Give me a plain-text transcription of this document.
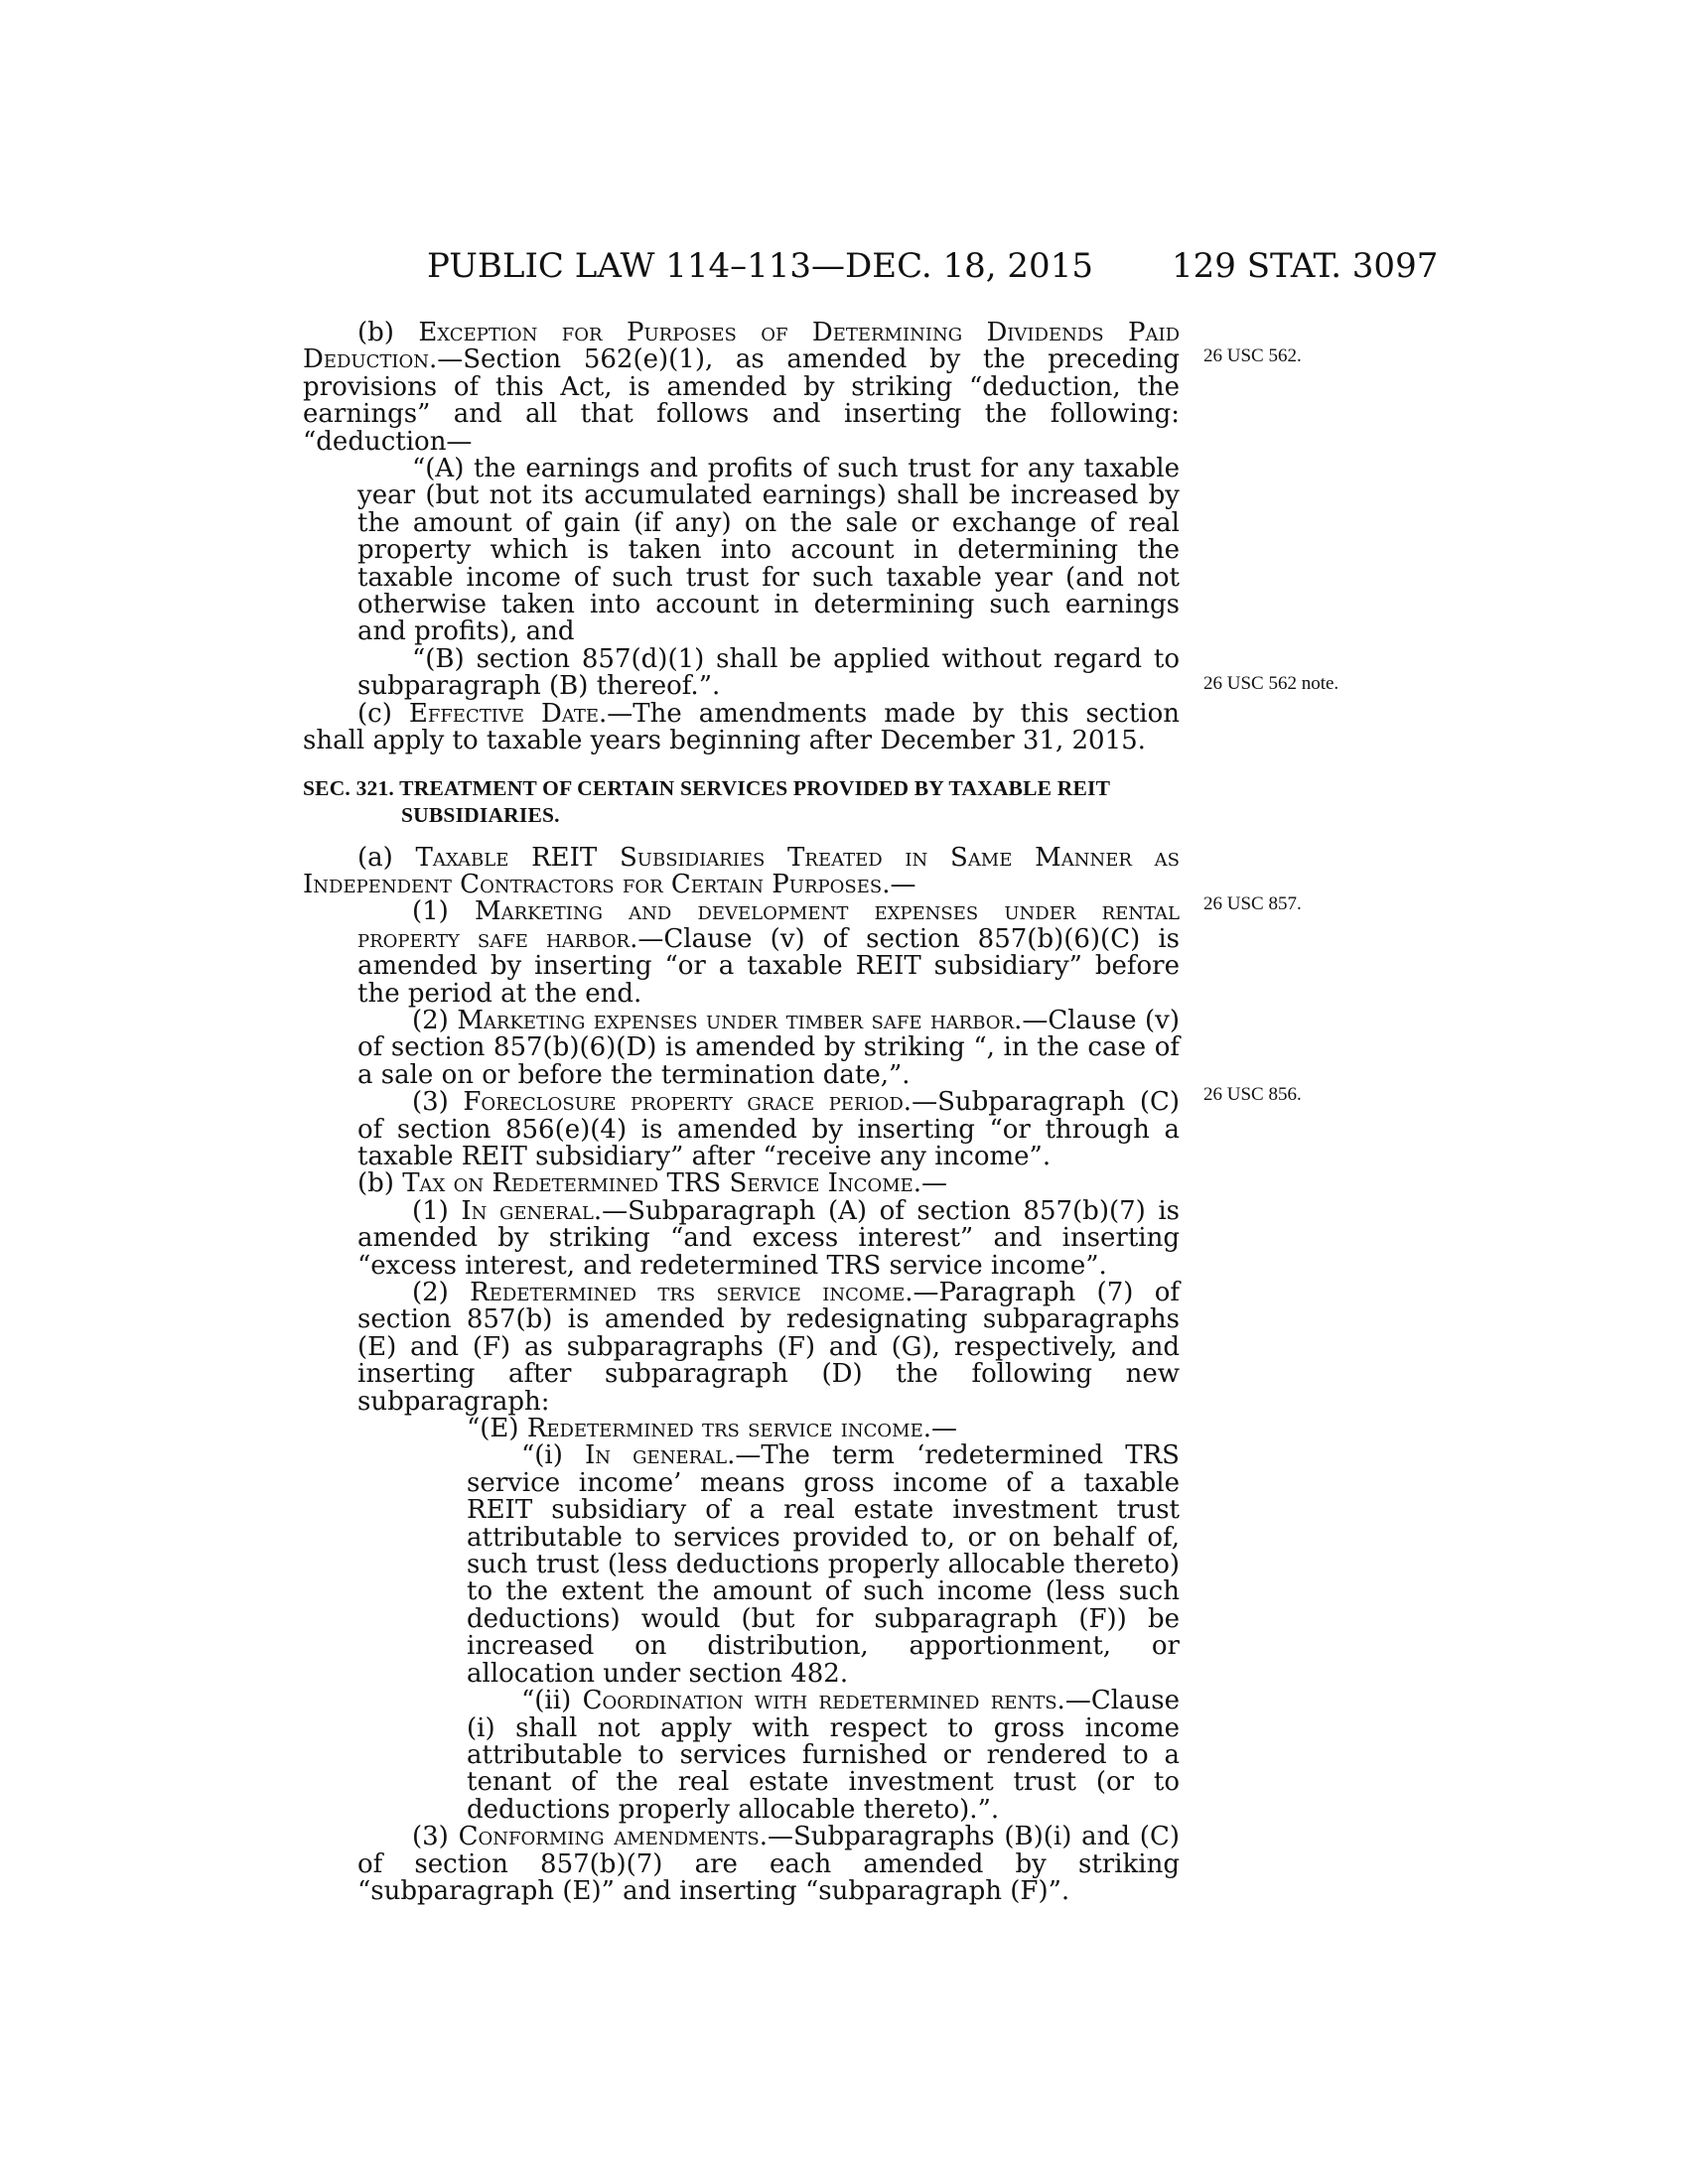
PUBLIC LAW 114–113—DEC. 18, 2015 129 STAT. 3097
26 USC 562.
26 USC 562 note.
26 USC 857.
26 USC 856.

(b) Exception for Purposes of Determining Dividends Paid Deduction.—Section 562(e)(1), as amended by the preceding provisions of this Act, is amended by striking “deduction, the earnings” and all that follows and inserting the following: “deduction—

“(A) the earnings and profits of such trust for any taxable year (but not its accumulated earnings) shall be increased by the amount of gain (if any) on the sale or exchange of real property which is taken into account in determining the taxable income of such trust for such taxable year (and not otherwise taken into account in determining such earnings and profits), and

“(B) section 857(d)(1) shall be applied without regard to subparagraph (B) thereof.”.

(c) Effective Date.—The amendments made by this section shall apply to taxable years beginning after December 31, 2015.

SEC. 321. TREATMENT OF CERTAIN SERVICES PROVIDED BY TAXABLE REIT SUBSIDIARIES.

(a) Taxable REIT Subsidiaries Treated in Same Manner as Independent Contractors for Certain Purposes.—

(1) Marketing and development expenses under rental property safe harbor.—Clause (v) of section 857(b)(6)(C) is amended by inserting “or a taxable REIT subsidiary” before the period at the end.

(2) Marketing expenses under timber safe harbor.—Clause (v) of section 857(b)(6)(D) is amended by striking “, in the case of a sale on or before the termination date,”.

(3) Foreclosure property grace period.—Subparagraph (C) of section 856(e)(4) is amended by inserting “or through a taxable REIT subsidiary” after “receive any income”.

(b) Tax on Redetermined TRS Service Income.—

(1) In general.—Subparagraph (A) of section 857(b)(7) is amended by striking “and excess interest” and inserting “excess interest, and redetermined TRS service income”.

(2) Redetermined trs service income.—Paragraph (7) of section 857(b) is amended by redesignating subparagraphs (E) and (F) as subparagraphs (F) and (G), respectively, and inserting after subparagraph (D) the following new subparagraph:

“(E) Redetermined trs service income.—

“(i) In general.—The term ‘redetermined TRS service income’ means gross income of a taxable REIT subsidiary of a real estate investment trust attributable to services provided to, or on behalf of, such trust (less deductions properly allocable thereto) to the extent the amount of such income (less such deductions) would (but for subparagraph (F)) be increased on distribution, apportionment, or allocation under section 482.

“(ii) Coordination with redetermined rents.—Clause (i) shall not apply with respect to gross income attributable to services furnished or rendered to a tenant of the real estate investment trust (or to deductions properly allocable thereto).”.

(3) Conforming amendments.—Subparagraphs (B)(i) and (C) of section 857(b)(7) are each amended by striking “subparagraph (E)” and inserting “subparagraph (F)”.
